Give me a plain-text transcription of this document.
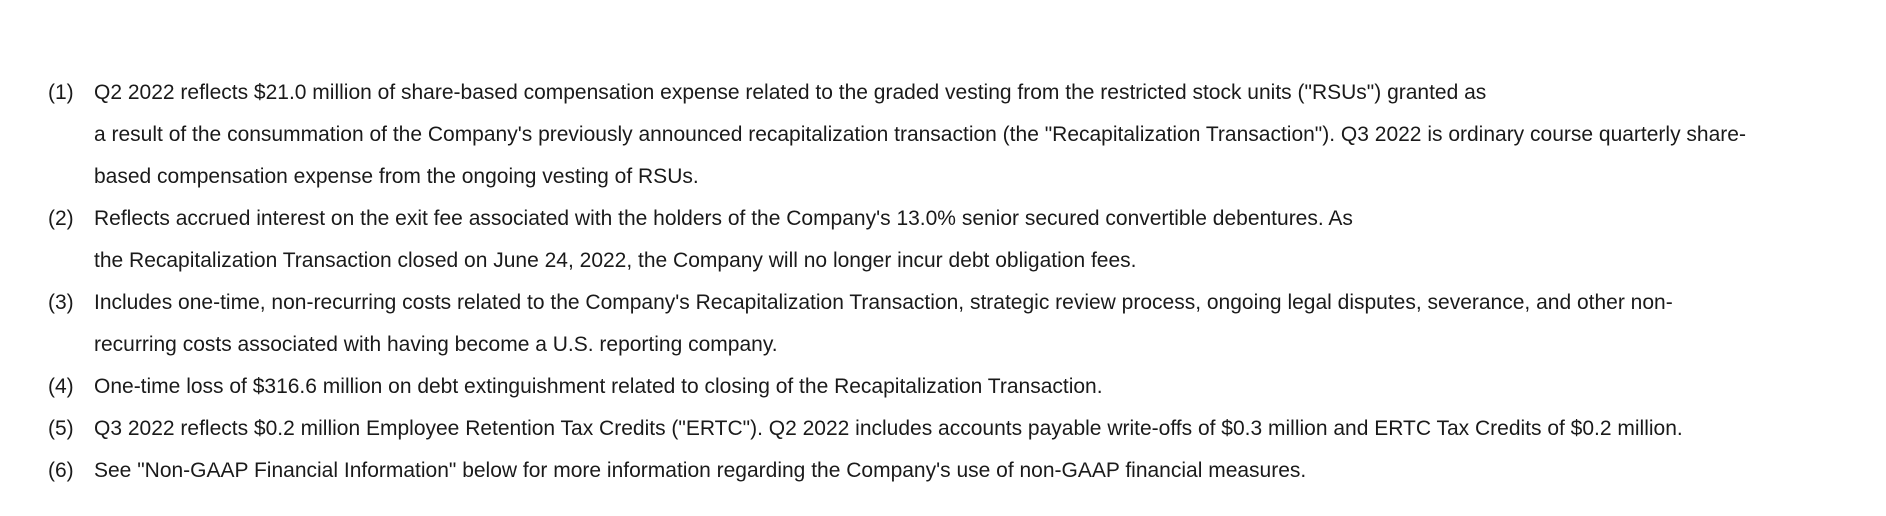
(1) Q2 2022 reflects $21.0 million of share-based compensation expense related to the graded vesting from the restricted stock units ("RSUs") granted as
a result of the consummation of the Company's previously announced recapitalization transaction (the "Recapitalization Transaction"). Q3 2022 is ordinary course quarterly share-
based compensation expense from the ongoing vesting of RSUs.
(2) Reflects accrued interest on the exit fee associated with the holders of the Company's 13.0% senior secured convertible debentures. As
the Recapitalization Transaction closed on June 24, 2022, the Company will no longer incur debt obligation fees.
(3) Includes one-time, non-recurring costs related to the Company's Recapitalization Transaction, strategic review process, ongoing legal disputes, severance, and other non-
recurring costs associated with having become a U.S. reporting company.
(4) One-time loss of $316.6 million on debt extinguishment related to closing of the Recapitalization Transaction.
(5) Q3 2022 reflects $0.2 million Employee Retention Tax Credits ("ERTC"). Q2 2022 includes accounts payable write-offs of $0.3 million and ERTC Tax Credits of $0.2 million.
(6) See "Non-GAAP Financial Information" below for more information regarding the Company's use of non-GAAP financial measures.
